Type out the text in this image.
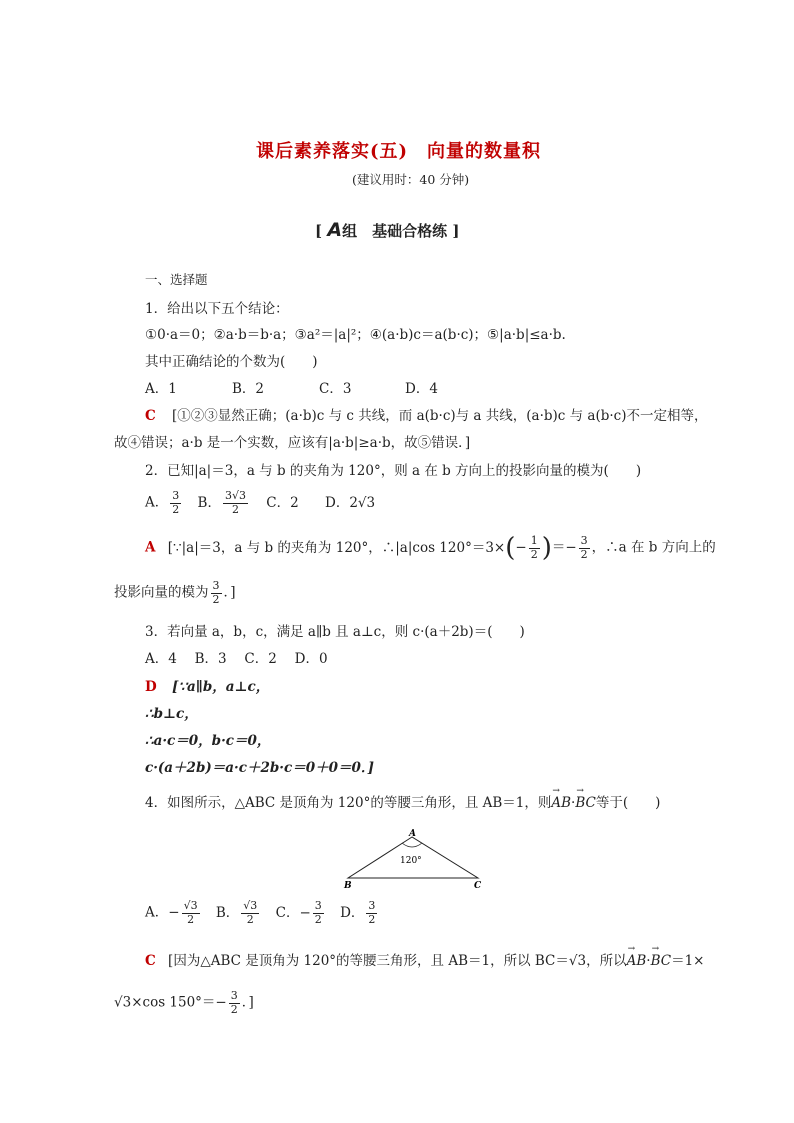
课后素养落实(五)　向量的数量积
(建议用时：40 分钟)
[ A组　基础合格练 ]
一、选择题
1．给出以下五个结论：
①0·a＝0；②a·b＝b·a；③a²＝|a|²；④(a·b)c＝a(b·c)；⑤|a·b|≤a·b.
其中正确结论的个数为(　　)
A．1	B．2	C．3	D．4
C [①②③显然正确；(a·b)c 与 c 共线，而 a(b·c)与 a 共线，(a·b)c 与 a(b·c)不一定相等，
故④错误；a·b 是一个实数，应该有|a·b|≥a·b，故⑤错误．]
2．已知|a|＝3，a 与 b 的夹角为 120°，则 a 在 b 方向上的投影向量的模为(　　)
A． $\frac{3}{2}$ B． $\frac{3√3}{2}$ C．2 D．2√3
A [∵|a|＝3，a 与 b 的夹角为 120°，∴|a|cos $120^\circ=3\times(- \frac{1}{2}$ )＝− $\frac{3}{2}$ ，∴a 在 b 方向上的
投影向量的模为 $\frac{3}{2}$ ．]
3．若向量 a，b，c，满足 a∥b 且 a⊥c，则 c·(a＋2b)＝(　　)
A．4　 B．3　 C．2　 D．0
D [∵a∥b，a⊥c，
∴b⊥c，
∴a·c＝0，b·c＝0，
c·(a＋2b)＝a·c＋2b·c＝0＋0＝0．]
4．如图所示，△ABC 是顶角为 120°的等腰三角形，且 AB＝1，则→ AB·→ BC等于(　　)
A
120°
B	C
A．− $\frac{√3}{2}$ B． $\frac{√3}{2}$ C．− $\frac{3}{2}$ D． $\frac{3}{2}$
C [因为△ABC 是顶角为 120°的等腰三角形，且 AB＝1，所以 BC＝√3，所以→ AB·→ BC＝1×
√3×cos $150^\circ=- \frac{3}{2}$ ．]
